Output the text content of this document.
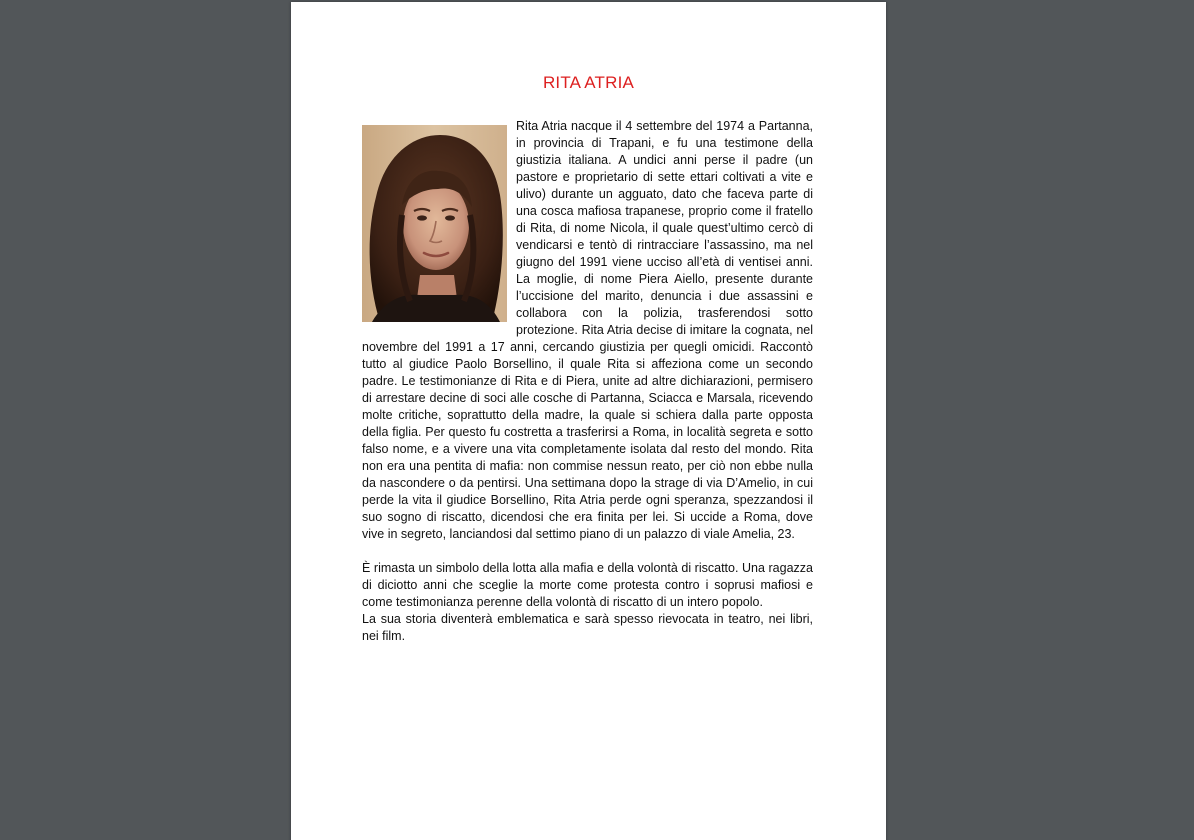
RITA ATRIA

Rita Atria nacque il 4 settembre del 1974 a Partanna, in provincia di Trapani, e fu una testimone della giustizia italiana. A undici anni perse il padre (un pastore e proprietario di sette ettari coltivati a vite e ulivo) durante un agguato, dato che faceva parte di una cosca mafiosa trapanese, proprio come il fratello di Rita, di nome Nicola, il quale quest’ultimo cercò di vendicarsi e tentò di rintracciare l’assassino, ma nel giugno del 1991 viene ucciso all’età di ventisei anni. La moglie, di nome Piera Aiello, presente durante l’uccisione del marito, denuncia i due assassini e collabora con la polizia, trasferendosi sotto protezione. Rita Atria decise di imitare la cognata, nel novembre del 1991 a 17 anni, cercando giustizia per quegli omicidi. Raccontò tutto al giudice Paolo Borsellino, il quale Rita si affeziona come un secondo padre. Le testimonianze di Rita e di Piera, unite ad altre dichiarazioni, permisero di arrestare decine di soci alle cosche di Partanna, Sciacca e Marsala, ricevendo molte critiche, soprattutto della madre, la quale si schiera dalla parte opposta della figlia. Per questo fu costretta a trasferirsi a Roma, in località segreta e sotto falso nome, e a vivere una vita completamente isolata dal resto del mondo. Rita non era una pentita di mafia: non commise nessun reato, per ciò non ebbe nulla da nascondere o da pentirsi. Una settimana dopo la strage di via D’Amelio, in cui perde la vita il giudice Borsellino, Rita Atria perde ogni speranza, spezzandosi il suo sogno di riscatto, dicendosi che era finita per lei. Si uccide a Roma, dove vive in segreto, lanciandosi dal settimo piano di un palazzo di viale Amelia, 23.

È rimasta un simbolo della lotta alla mafia e della volontà di riscatto. Una ragazza di diciotto anni che sceglie la morte come protesta contro i soprusi mafiosi e come testimonianza perenne della volontà di riscatto di un intero popolo.

La sua storia diventerà emblematica e sarà spesso rievocata in teatro, nei libri, nei film.
